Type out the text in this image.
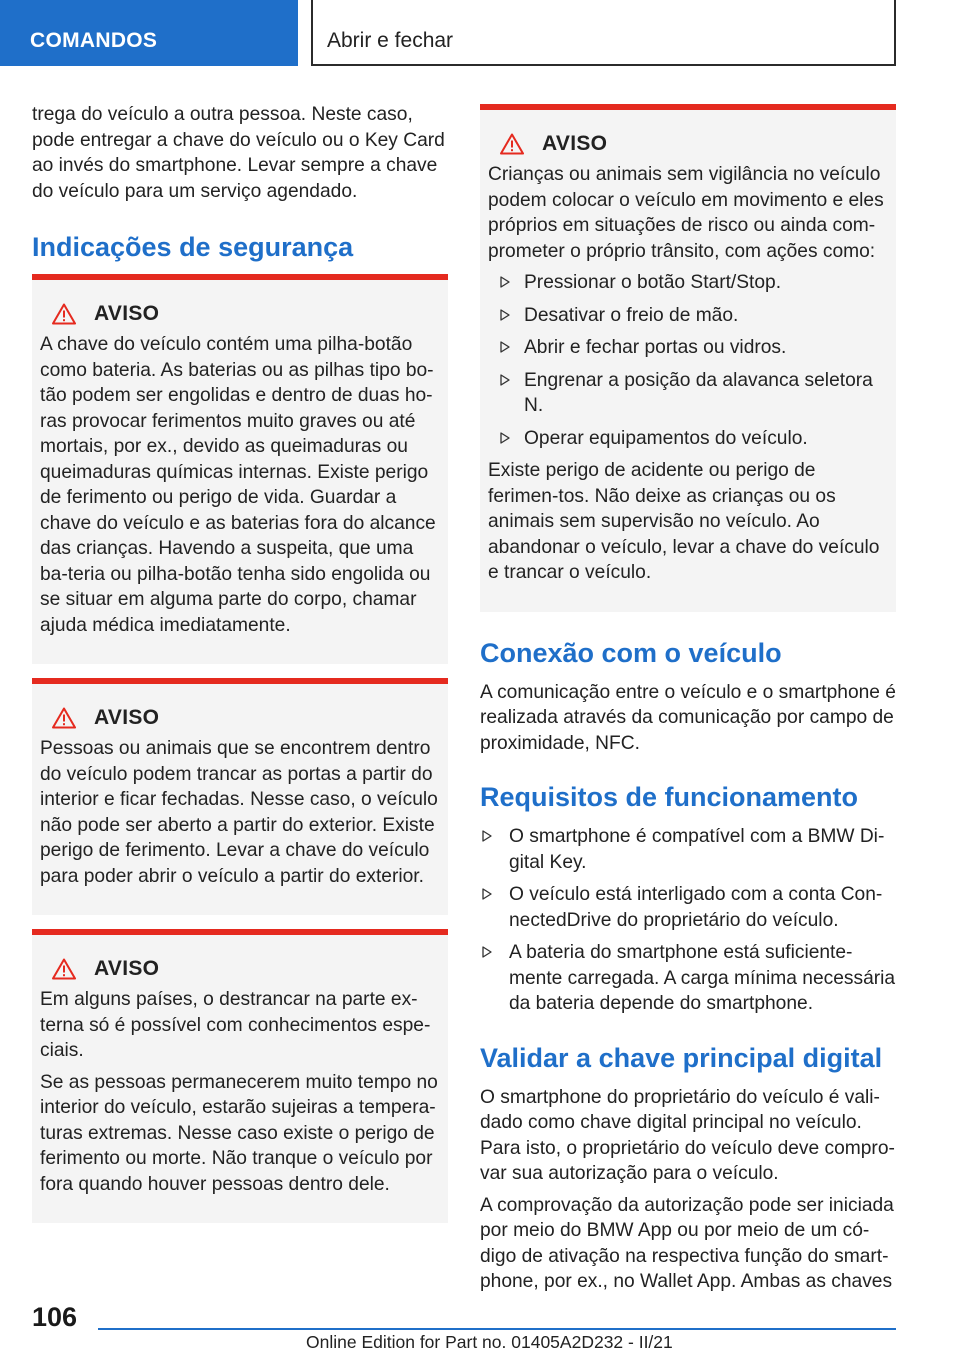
COMANDOS	Abrir e fechar

trega do veículo a outra pessoa. Neste caso, pode entregar a chave do veículo ou o Key Card ao invés do smartphone. Levar sempre a chave do veículo para um serviço agendado.

Indicações de segurança
AVISO

A chave do veículo contém uma pilha-botão como bateria. As baterias ou as pilhas tipo bo-tão podem ser engolidas e dentro de duas ho-ras provocar ferimentos muito graves ou até mortais, por ex., devido as queimaduras ou queimaduras químicas internas. Existe perigo de ferimento ou perigo de vida. Guardar a chave do veículo e as baterias fora do alcance das crianças. Havendo a suspeita, que uma ba-teria ou pilha-botão tenha sido engolida ou se situar em alguma parte do corpo, chamar ajuda médica imediatamente.

AVISO

Pessoas ou animais que se encontrem dentro do veículo podem trancar as portas a partir do interior e ficar fechadas. Nesse caso, o veículo não pode ser aberto a partir do exterior. Existe perigo de ferimento. Levar a chave do veículo para poder abrir o veículo a partir do exterior.

AVISO

Em alguns países, o destrancar na parte ex-terna só é possível com conhecimentos espe-ciais.

Se as pessoas permanecerem muito tempo no interior do veículo, estarão sujeiras a tempera-turas extremas. Nesse caso existe o perigo de ferimento ou morte. Não tranque o veículo por fora quando houver pessoas dentro dele.

AVISO

Crianças ou animais sem vigilância no veículo podem colocar o veículo em movimento e eles próprios em situações de risco ou ainda com-prometer o próprio trânsito, com ações como:

Pressionar o botão Start/Stop.
Desativar o freio de mão.
Abrir e fechar portas ou vidros.
Engrenar a posição da alavanca seletora N.
Operar equipamentos do veículo.

Existe perigo de acidente ou perigo de ferimen-tos. Não deixe as crianças ou os animais sem supervisão no veículo. Ao abandonar o veículo, levar a chave do veículo e trancar o veículo.

Conexão com o veículo

A comunicação entre o veículo e o smartphone é realizada através da comunicação por campo de proximidade, NFC.

Requisitos de funcionamento
O smartphone é compatível com a BMW Di-gital Key.
O veículo está interligado com a conta Con-nectedDrive do proprietário do veículo.
A bateria do smartphone está suficiente-mente carregada. A carga mínima necessária da bateria depende do smartphone.
Validar a chave principal digital

O smartphone do proprietário do veículo é vali-dado como chave digital principal no veículo. Para isto, o proprietário do veículo deve compro-var sua autorização para o veículo.

A comprovação da autorização pode ser iniciada por meio do BMW App ou por meio de um có-digo de ativação na respectiva função do smart-phone, por ex., no Wallet App. Ambas as chaves

106
Online Edition for Part no. 01405A2D232 - II/21
